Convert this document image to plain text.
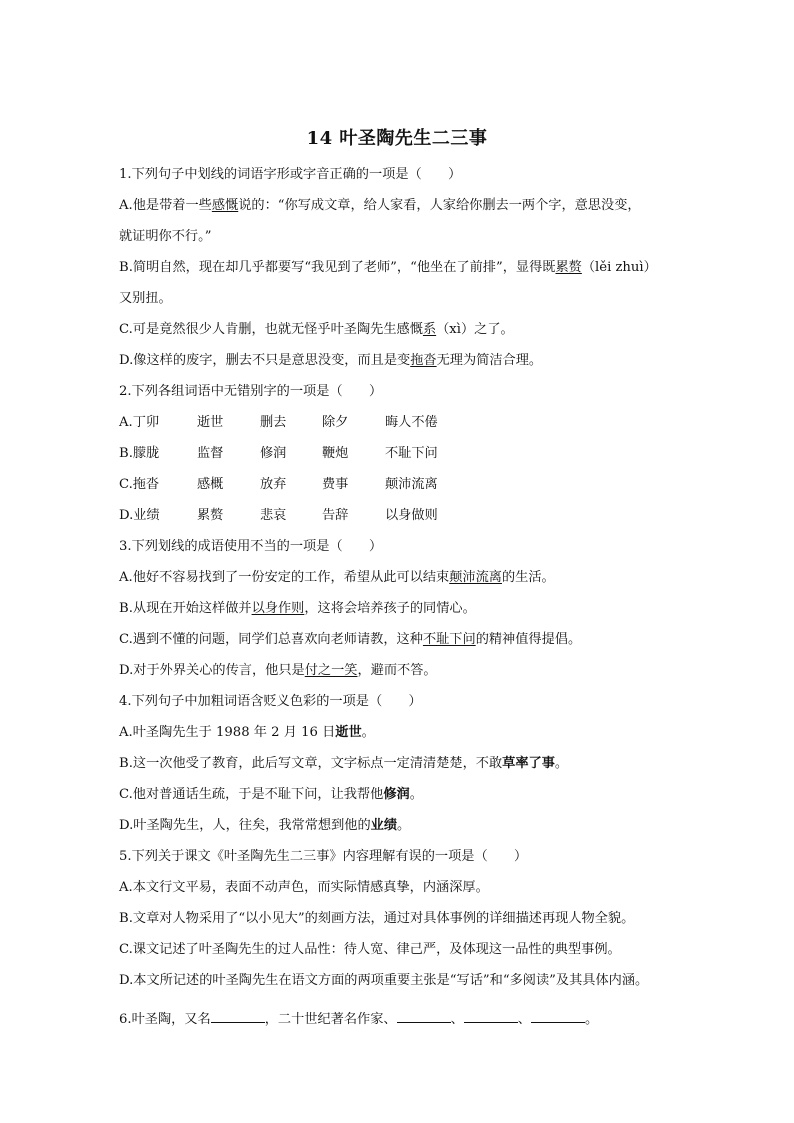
14 叶圣陶先生二三事
1.下列句子中划线的词语字形或字音正确的一项是（　　）
A.他是带着一些感慨说的：“你写成文章，给人家看，人家给你删去一两个字，意思没变，
就证明你不行。”
B.简明自然，现在却几乎都要写“我见到了老师”，“他坐在了前排”，显得既累赘（lěi zhuì）
又别扭。
C.可是竟然很少人肯删，也就无怪乎叶圣陶先生感慨系（xì）之了。
D.像这样的废字，删去不只是意思没变，而且是变拖沓无理为简洁合理。
2.下列各组词语中无错别字的一项是（　　）
A.丁卯	逝世	删去	除夕	晦人不倦
B.朦胧	监督	修润	鞭炮	不耻下问
C.拖沓	感概	放弃	费事	颠沛流离
D.业绩	累赘	悲哀	告辞	以身做则
3.下列划线的成语使用不当的一项是（　　）
A.他好不容易找到了一份安定的工作，希望从此可以结束颠沛流离的生活。
B.从现在开始这样做并以身作则，这将会培养孩子的同情心。
C.遇到不懂的问题，同学们总喜欢向老师请教，这种不耻下问的精神值得提倡。
D.对于外界关心的传言，他只是付之一笑，避而不答。
4.下列句子中加粗词语含贬义色彩的一项是（　　）
A.叶圣陶先生于 1988 年 2 月 16 日逝世。
B.这一次他受了教育，此后写文章，文字标点一定清清楚楚，不敢草率了事。
C.他对普通话生疏，于是不耻下问，让我帮他修润。
D.叶圣陶先生，人，往矣，我常常想到他的业绩。
5.下列关于课文《叶圣陶先生二三事》内容理解有误的一项是（　　）
A.本文行文平易，表面不动声色，而实际情感真挚，内涵深厚。
B.文章对人物采用了“以小见大”的刻画方法，通过对具体事例的详细描述再现人物全貌。
C.课文记述了叶圣陶先生的过人品性：待人宽、律己严，及体现这一品性的典型事例。
D.本文所记述的叶圣陶先生在语文方面的两项重要主张是“写话”和“多阅读”及其具体内涵。
6.叶圣陶，又名	，二十世纪著名作家、	、	、	。
